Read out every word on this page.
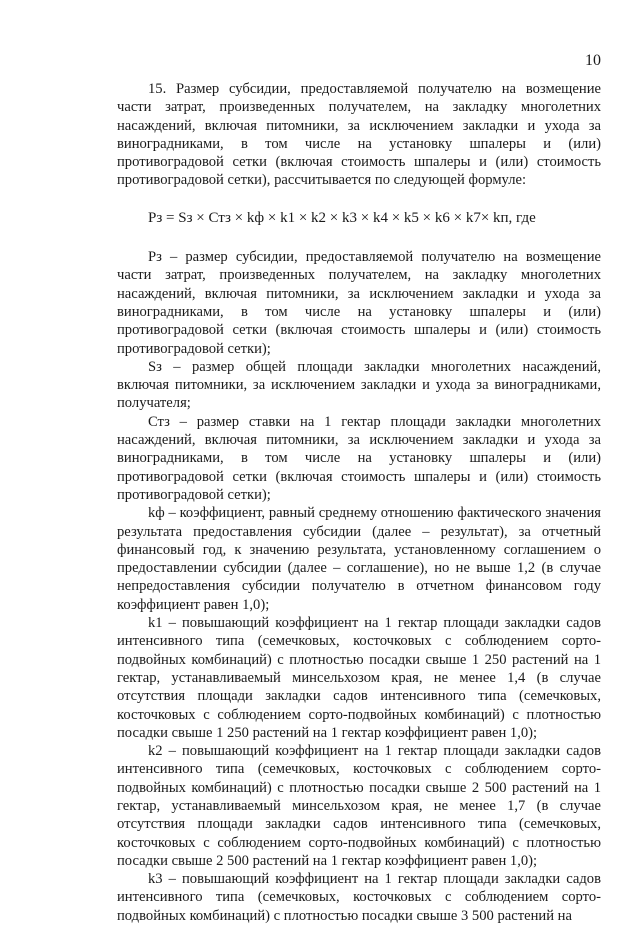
10

15. Размер субсидии, предоставляемой получателю на возмещение части затрат, произведенных получателем, на закладку многолетних насаждений, включая питомники, за исключением закладки и ухода за виноградниками, в том числе на установку шпалеры и (или) противоградовой сетки (включая стоимость шпалеры и (или) стоимость противоградовой сетки), рассчитывается по следующей формуле:

Pз = Sз × Стз × kф × k1 × k2 × k3 × k4 × k5 × k6 × k7× kп, где

Pз – размер субсидии, предоставляемой получателю на возмещение части затрат, произведенных получателем, на закладку многолетних насаждений, включая питомники, за исключением закладки и ухода за виноградниками, в том числе на установку шпалеры и (или) противоградовой сетки (включая стоимость шпалеры и (или) стоимость противоградовой сетки);

Sз – размер общей площади закладки многолетних насаждений, включая питомники, за исключением закладки и ухода за виноградниками, получателя;

Стз – размер ставки на 1 гектар площади закладки многолетних насаждений, включая питомники, за исключением закладки и ухода за виноградниками, в том числе на установку шпалеры и (или) противоградовой сетки (включая стоимость шпалеры и (или) стоимость противоградовой сетки);

kф – коэффициент, равный среднему отношению фактического значения результата предоставления субсидии (далее – результат), за отчетный финансовый год, к значению результата, установленному соглашением о предоставлении субсидии (далее – соглашение), но не выше 1,2 (в случае непредоставления субсидии получателю в отчетном финансовом году коэффициент равен 1,0);

k1 – повышающий коэффициент на 1 гектар площади закладки садов интенсивного типа (семечковых, косточковых с соблюдением сорто-подвойных комбинаций) с плотностью посадки свыше 1 250 растений на 1 гектар, устанавливаемый минсельхозом края, не менее 1,4 (в случае отсутствия площади закладки садов интенсивного типа (семечковых, косточковых с соблюдением сорто-подвойных комбинаций) с плотностью посадки свыше 1 250 растений на 1 гектар коэффициент равен 1,0);

k2 – повышающий коэффициент на 1 гектар площади закладки садов интенсивного типа (семечковых, косточковых с соблюдением сорто-подвойных комбинаций) с плотностью посадки свыше 2 500 растений на 1 гектар, устанавливаемый минсельхозом края, не менее 1,7 (в случае отсутствия площади закладки садов интенсивного типа (семечковых, косточковых с соблюдением сорто-подвойных комбинаций) с плотностью посадки свыше 2 500 растений на 1 гектар коэффициент равен 1,0);

k3 – повышающий коэффициент на 1 гектар площади закладки садов интенсивного типа (семечковых, косточковых с соблюдением сорто-подвойных комбинаций) с плотностью посадки свыше 3 500 растений на
